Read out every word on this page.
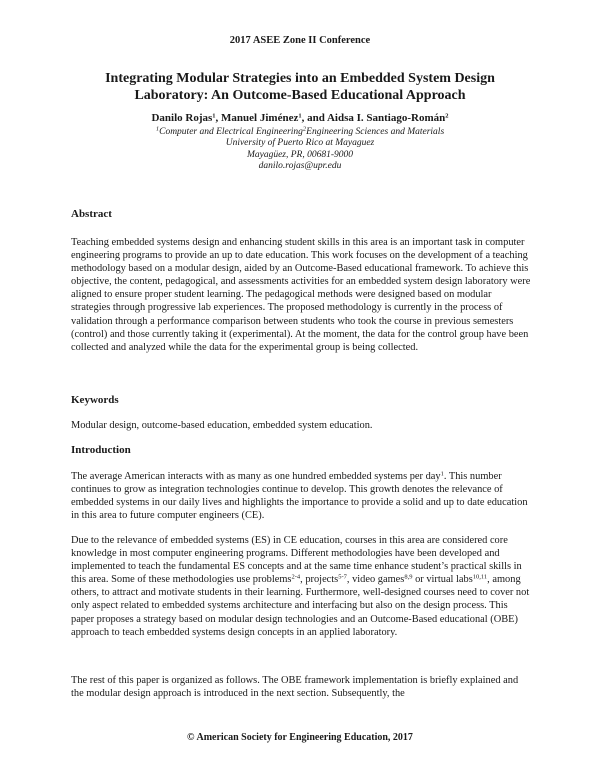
2017 ASEE Zone II Conference
Integrating Modular Strategies into an Embedded System Design
Laboratory: An Outcome-Based Educational Approach
Danilo Rojas$^1$, Manuel Jiménez$^1$, and Aidsa I. Santiago-Román$^2$
$^1$Computer and Electrical Engineering$^2$Engineering Sciences and Materials
University of Puerto Rico at Mayaguez
Mayagüez, PR, 00681-9000
danilo.rojas@upr.edu
Abstract

Teaching embedded systems design and enhancing student skills in this area is an important task in computer engineering programs to provide an up to date education. This work focuses on the development of a teaching methodology based on a modular design, aided by an Outcome-Based educational framework. To achieve this objective, the content, pedagogical, and assessments activities for an embedded system design laboratory were aligned to ensure proper student learning. The pedagogical methods were designed based on modular strategies through progressive lab experiences. The proposed methodology is currently in the process of validation through a performance comparison between students who took the course in previous semesters (control) and those currently taking it (experimental). At the moment, the data for the control group have been collected and analyzed while the data for the experimental group is being collected.

Keywords

Modular design, outcome-based education, embedded system education.

Introduction

The average American interacts with as many as one hundred embedded systems per day$^1$. This number continues to grow as integration technologies continue to develop. This growth denotes the relevance of embedded systems in our daily lives and highlights the importance to provide a solid and up to date education in this area to future computer engineers (CE).

Due to the relevance of embedded systems (ES) in CE education, courses in this area are considered core knowledge in most computer engineering programs. Different methodologies have been developed and implemented to teach the fundamental ES concepts and at the same time enhance student’s practical skills in this area. Some of these methodologies use problems$^{2-4}$, projects$^{5-7}$, video games$^{8,9}$ or virtual labs$^{10,11}$, among others, to attract and motivate students in their learning. Furthermore, well-designed courses need to cover not only aspect related to embedded systems architecture and interfacing but also on the design process. This paper proposes a strategy based on modular design technologies and an Outcome-Based educational (OBE) approach to teach embedded systems design concepts in an applied laboratory.

The rest of this paper is organized as follows. The OBE framework implementation is briefly explained and the modular design approach is introduced in the next section. Subsequently, the

© American Society for Engineering Education, 2017
